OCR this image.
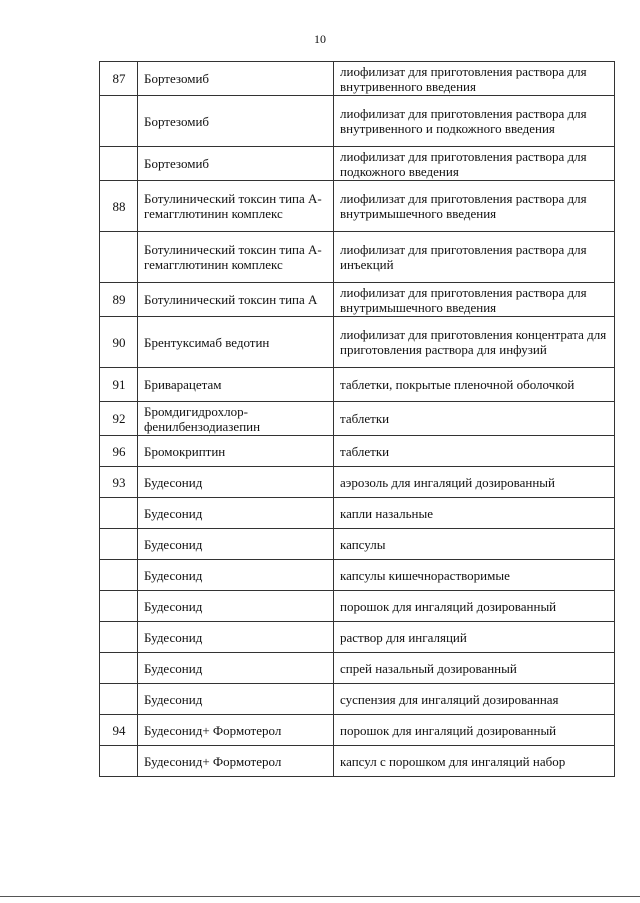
10
87	Бортезомиб	лиофилизат для приготовления раствора для внутривенного введения
	Бортезомиб	лиофилизат для приготовления раствора для внутривенного и подкожного введения
	Бортезомиб	лиофилизат для приготовления раствора для подкожного введения
88	Ботулинический токсин типа А-гемагглютинин комплекс	лиофилизат для приготовления раствора для внутримышечного введения
	Ботулинический токсин типа А-гемагглютинин комплекс	лиофилизат для приготовления раствора для инъекций
89	Ботулинический токсин типа А	лиофилизат для приготовления раствора для внутримышечного введения
90	Брентуксимаб ведотин	лиофилизат для приготовления концентрата для приготовления раствора для инфузий
91	Бриварацетам	таблетки, покрытые пленочной оболочкой
92	Бромдигидрохлор-фенилбензодиазепин	таблетки
96	Бромокриптин	таблетки
93	Будесонид	аэрозоль для ингаляций дозированный
	Будесонид	капли назальные
	Будесонид	капсулы
	Будесонид	капсулы кишечнорастворимые
	Будесонид	порошок для ингаляций дозированный
	Будесонид	раствор для ингаляций
	Будесонид	спрей назальный дозированный
	Будесонид	суспензия для ингаляций дозированная
94	Будесонид+ Формотерол	порошок для ингаляций дозированный
	Будесонид+ Формотерол	капсул с порошком для ингаляций набор
